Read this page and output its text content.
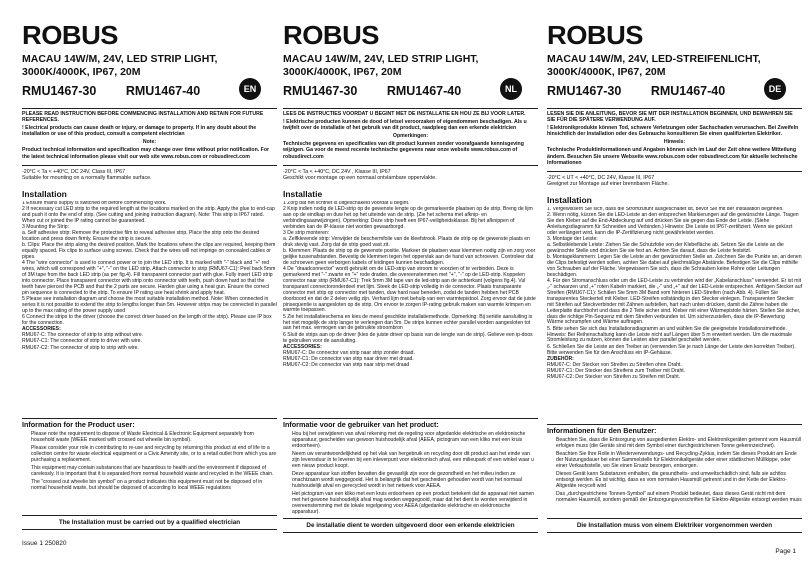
ROBUS
MACAU 14W/M, 24V, LED STRIP LIGHT, 3000K/4000K, IP67, 20M
RMU1467-30 RMU1467-40	EN

PLEASE READ INSTRUCTION BEFORE COMMENCING INSTALLATION AND RETAIN FOR FUTURE REFERENCES.

! Electrical products can cause death or injury, or damage to property. If in any doubt about the installation or use of this product, consult a competent electrician

Note:

Product technical information and specification may change over time without prior notification. For the latest technical information please visit our web site www.robus.com or robusdirect.com

-20°C < Ta < +40°C, DC 24V, Class III, IP67
Suitable for mounting on a normally flammable surface.
Installation

1 Ensure mains supply is switched off before commencing work.

2 If necessary cut LED strip to the required length at the locations marked on the strip. Apply the glue to end-cap and push it onto the end of strip. (See cutting and joining instruction diagram). Note: This strip is IP67 rated. When cut or joined the IP rating cannot be guaranteed.

3 Mounting the Strip:

a. Self adhesive strip: Remove the protective film to reveal adhesive strip. Place the strip onto the desired location and press down firmly. Ensure the strip is secure.

b. Clips: Place the strip along the desired position. Mark the locations where the clips are required, keeping them equally spaced. Fix clips to surface using screws. Check that the wires will not impinge on concealed cables or pipes.

4 The "wire connector" is used to connect power or to join the LED strip. It is marked with "-" black and "+" red wires, which will correspond with "+", "-" on the LED strip. Attach connector to strip (RMU67-C1): Peel back 5mm of 3M tape from the back LED strip (as per fig.4). Fill transparent connector part with glue. Fully insert LED strip into connector. Place transparent connector with strip onto connector with teeth, push down hard so that the teeth have pierced the PCB and that the 2 parts are secure. Harden glue using a heat gun. Ensure the correct pin sequence is connected to the strip. To ensure IP rating use heat shrink and apply heat.

5 Please see installation diagram and choose the most suitable installation method. Note: When connected in series it is not possible to extend the strip to lengths longer than 5m. However strips may be connected in parallel up to the max rating of the power supply used

6 Connect the strips to the driver (choose the correct driver based on the length of the strip). Please use IP box for the connection.

ACCESSORIES:

RMU67-C: The connector of strip to strip without wire.

RMU67-C1: The connector of strip to driver with wire.

RMU67-C2: The connector of strip to strip with wire.

Information for the Product user:
1. Please note the requirement to dispose of Waste Electrical & Electronic Equipment separately from household waste (WEEE marked with crossed out wheelie bin symbol).
2. Please consider your role in contributing to re-use and recycling by returning this product at end of life to a collection centre for waste electrical equipment or a Civic Amenity site, or to a retail outlet from which you are purchasing a replacement.
3. This equipment may contain substances that are hazardous to health and the environment if disposed of carelessly. It is important that it is separated from normal household waste and recycled in the WEEE chain.
4. The "crossed out wheelie bin symbol" on a product indicates this equipment must not be disposed of in normal household waste, but should be disposed of according to local WEEE regulations
The Installation must be carried out by a qualified electrician
ROBUS
MACAU 14W/M, 24V, LED STRIP LIGHT, 3000K/4000K, IP67, 20M
RMU1467-30 RMU1467-40	NL

LEES DE INSTRUCTIES VOORDAT U BEGINT MET DE INSTALLATIE EN HOU ZE BIJ VOOR LATER.

! Elektrische producten kunnen de dood of letsel veroorzaken of eigendommen beschadigen. Als u twijfelt over de installatie of het gebruik van dit product, raadpleeg dan een erkende elektricien

Opmerkingen:

Technische gegevens en specificaties van dit product kunnen zonder voorafgaande kennisgeving wijzigen. Ga voor de meest recente technische gegevens naar onze website www.robus.com of robusdirect.com

-20°C < Ta < +40°C, DC 24V , Klasse III, IP67
Geschikt voor montage op een normaal ontvlambare oppervlakte.
Installatie

1 Zorg dat het lichtnet is uitgeschakeld voordat u begint.

2 Knip indien nodig de LED-strip op de gewenste lengte op de gemarkeerde plaatsen op de strip. Breng de lijm aan op de eindkap en duw het op het uiteinde van de strip. (Zie het schema met afknip- en verbindingsaanwijzingen). Opmerking: Deze strip heeft een IP67-veiligheidsklasse. Bij het afknippen of verbinden kan de IP-klasse niet worden gewaarborgd.

3 De strip monteren:

a. Zelfklevende strip: Verwijder de beschermfolie van de kleefstrook. Plaats de strip op de gewenste plaats en druk stevig vast. Zorg dat de strip goed vast zit.

b. Klemmen: Plaats de strip op de gewenste positie. Markeer de plaatsen waar klemmen nodig zijn en zorg voor gelijke tussenafstanden. Bevestig de klemmen tegen het oppervlak aan de hand van schroeven. Controleer dat de schroeven geen verborgen kabels of leidingen kunnen beschadigen.

4 De "draadconnector" wordt gebruikt om de LED-strip van stroom te voorzien of te verbinden. Deze is gemarkeerd met "-" zwarte en "+" rode draden, die overeenstemmen met "+", "-" op de LED-strip. Koppelen connector naar strip (RMU67-C1): Trek 5mm 3M tape van de led-strip aan de achterkant (volgens fig.4). Vul transparant connectoronderdeel met lijm. Steek de LED-strip volledig in de connector. Plaats transparante connector met strip op connector met tanden, duw hard naar beneden, zodat de tanden hebben het PCB doorboord en dat de 2 delen veilig zijn. Verhard lijm met behulp van een warmtepistool. Zorg ervoor dat de juiste pinsequentie is aangesloten op de strip. Om ervoor te zorgen IP-rating gebruik maken van warmte krimpen en warmte toepassen.

5 Zie het installatieschema en kies de meest geschikte installatiemethode. Opmerking: Bij seriële aansluiting is het niet mogelijk de strip langer te verlengen dan 5m. De strips kunnen echter parallel worden aangesloten tot aan het max. vermogen van de gebruikte stroombron

6 Sluit de strips aan op de driver (kies de juiste driver op basis van de lengte van de strip). Gelieve een ip-doos te gebruiken voor de aansluiting.

ACCESSORIES:

RMU67-C: De connector van strip naar strip zonder draad.

RMU67-C1: De connector van strip naar driver met draad.

RMU67-C2: De connector van strip naar strip met draad

Informatie voor de gebruiker van het product:
1. Hou bij het verwijderen van afval rekening met de regeling voor afgedankte elektrische en elektronische apparatuur, gescheiden van gewoon huishoudelijk afval (AEEA, pictogram van een kliko met een kruis erdoorheen).
2. Neem uw verantwoordelijkheid op het vlak van hergebruik en recycling door dit product aan het einde van zijn levensduur in te leveren bij een inleverpunt voor elektronisch afval, een milieupark of een winkel waar u een nieuw product koopt.
3. Deze apparatuur kan stoffen bevatten die gevaarlijk zijn voor de gezondheid en het milieu indien ze onachtzaam wordt weggegooid. Het is belangrijk dat het gescheiden gehouden wordt van het normaal huishoudelijk afval en gerecycled wordt in het netwerk voor AEEA.
4. Het pictogram van een kliko met een kruis erdoorheen op een product betekent dat de apparaat niet samen met het gewone huishoudelijk afval mag worden weggegooid, maar dat het dient te worden verwijderd in overeenstemming met de lokale regelgeving voor AEEA (afgedankte elektrische en elektronische apparatuur).
De installatie dient te worden uitgevoerd door een erkende elektricien
ROBUS
MACAU 14W/M, 24V, LED-STREIFENLICHT, 3000K/4000K, IP67, 20M
RMU1467-30 RMU1467-40	DE

LESEN SIE DIE ANLEITUNG, BEVOR SIE MIT DER INSTALLATION BEGINNEN, UND BEWAHREN SIE SIE FÜR DIE SPÄTERE VERWENDUNG AUF.

! Elektronikprodukte können Tod, schwere Verletzungen oder Sachschaden verursachen. Bei Zweifeln hinsichtlich der Installation oder des Gebrauchs konsultieren Sie einen qualifizierten Elektriker.

Hinweis:

Technische Produktinformationen und Angaben können sich im Lauf der Zeit ohne weitere Mitteilung ändern. Besuchen Sie unsere Webseite www.robus.com oder robusdirect.com für aktuelle technische Informationen

-20°C < UT < +40°C, DC 24V, Klasse III, IP67
Geeignet zur Montage auf einer brennbaren Fläche.
Installation

1. Vergewissern Sie sich, dass die Stromzufuhr ausgeschaltet ist, bevor Sie mit der Installation beginnen.

2. Wenn nötig, kürzen Sie die LED-Leiste an den entsprechen Markierungen auf die gewünschte Länge. Tragen Sie den Kleber auf die End-Abdeckung auf und drücken Sie sie gegen das Ende der Leiste. (Siehe Anleitungsdiagramm für Schneiden und Verbinden.) Hinweis: Die Leiste ist IP67-zertifiziert. Wenn sie gekürzt oder verlängert wird, kann die IP-Zertifizierung nicht gewährleistet werden.

3. Montage der Leiste:

a. Selbstklebende Leiste: Ziehen Sie die Schutzfolie von der Klebefläche ab. Setzen Sie die Leiste an die gewünschte Stelle und drücken Sie sie fest an. Achten Sie darauf, dass die Leiste festsitzt.

b. Montageklammern: Legen Sie die Leiste an der gewünschten Stelle an. Zeichnen Sie die Punkte an, an denen die Clips befestigt werden sollen, achten Sie dabei auf gleichmäßige Abstände. Befestigen Sie die Clips mithilfe von Schrauben auf der Fläche. Vergewissern Sie sich, dass die Schrauben keine Rohre oder Leitungen beschädigen.

4. Für den Stromanschluss oder um die LED-Leiste zu verbinden wird der „Kabelanschluss" verwendet. Er ist mit „-" schwarzen und „+" roten Kabeln markiert, die „-" und „+" auf der LED-Leiste entsprechen. Anfügen Stecker auf Streifen (RMU67-C1): Schälen Sie 5mm 3M Band vom hinteren LED-Streifen (nach Abb. 4). Füllen Sie transparentes Steckerteil mit Kleber. LED-Streifen vollständig in den Stecker einlegen. Transparenten Stecker mit Streifen auf Steckverbinder mit Zähnen aufstellen, hart nach unten drücken, damit die Zähne haben die Leiterplatte durchbohrt und dass die 2 Teile sicher sind. Kleber mit einer Wärmepistole härten. Stellen Sie sicher, dass die richtige Pin-Sequenz mit dem Streifen verbunden ist. Um sicherzustellen, dass die IP-Bewertung Wärme schrumpfen und Wärme auftragen.

5. Bitte sehen Sie sich das Installationsdiagramm an und wählen Sie die geeignetste Installationsmethode. Hinweis: Bei Reihenschaltung kann die Leiste nicht auf Längen über 5 m erweitert werden. Um die maximale Stromleistung zu nutzen, können die Leisten aber parallel geschaltet werden.

6. Schließen Sie die Leiste an den Treiber an (verwenden Sie je nach Länge der Leiste den korrekten Treiber). Bitte verwenden Sie für den Anschluss ein IP-Gehäuse.

ZUBEHÖR:

RMU67-C: Der Stecker von Streifen zu Streifen ohne Draht.

RMU67-C1: Der Stecker des Streifens zum Treiber mit Draht.

RMU67-C2: Der Stecker von Streifen zu Streifen mit Draht.

Informationen für den Benutzer:
1. Beachten Sie, dass die Entsorgung von ausgedienten Elektro- und Elektronikgeräten getrennt vom Hausmüll erfolgen muss (die Geräte sind mit dem Symbol einer durchgestrichenen Tonne gekennzeichnet).
2. Beachten Sie Ihre Rolle in Wiederverwendungs- und Recycling-Zyklus, indem Sie dieses Produkt am Ende der Nutzungsdauer bei einer Sammelstelle für Elektronikaltgeräte oder einer städtischen Müllkippe, oder einer Verkaufsstelle, wo Sie einen Ersatz besorgen, entsorgen.
3. Dieses Gerät kann Substanzen enthalten, die gesundheits- und umweltschädlich sind, falls sie achtlos entsorgt werden. Es ist wichtig, dass es vom normalen Hausmüll getrennt und in der Kette der Elektro-Altgeräte recycelt wird
4. Das „durchgestrichene Tonnen-Symbol" auf einem Produkt bedeutet, dass dieses Gerät nicht mit dem normalen Hausmüll, sondern gemäß der Entsorgungsvorschriften für Elektro-Altgeräte entsorgt werden muss
Die Installation muss von einem Elektriker vorgenommen werden
Issue 1 250820
Page 1
